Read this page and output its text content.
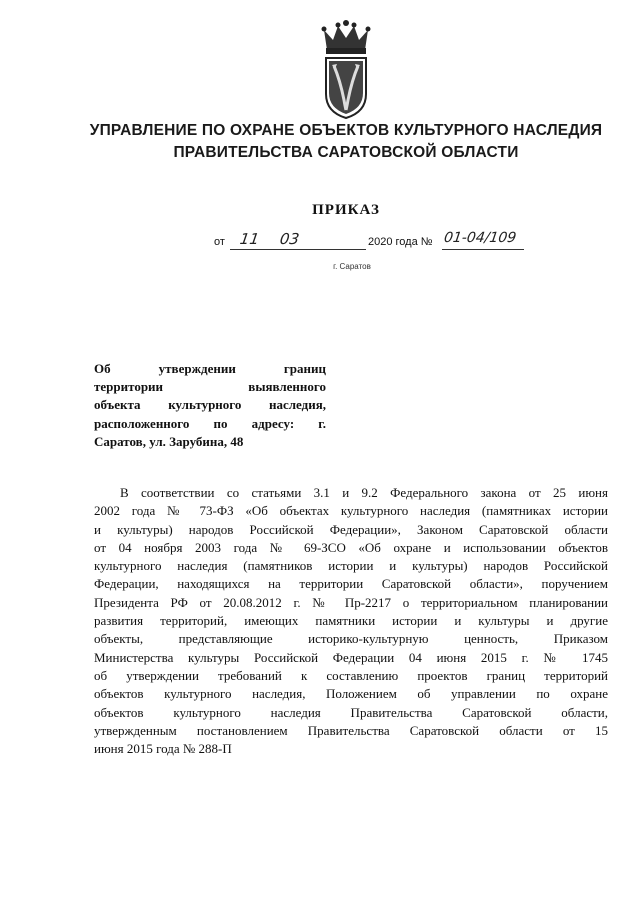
УПРАВЛЕНИЕ ПО ОХРАНЕ ОБЪЕКТОВ КУЛЬТУРНОГО НАСЛЕДИЯ
ПРАВИТЕЛЬСТВА САРАТОВСКОЙ ОБЛАСТИ
ПРИКАЗ
от 11 03	2020 года № 01-04/109
г. Саратов
Об утверждении границ
территории выявленного
объекта культурного наследия,
расположенного по адресу: г.
Саратов, ул. Зарубина, 48
В соответствии со статьями 3.1 и 9.2 Федерального закона от 25 июня
2002 года № 73-ФЗ «Об объектах культурного наследия (памятниках истории
и культуры) народов Российской Федерации», Законом Саратовской области
от 04 ноября 2003 года № 69-ЗСО «Об охране и использовании объектов
культурного наследия (памятников истории и культуры) народов Российской
Федерации, находящихся на территории Саратовской области», поручением
Президента РФ от 20.08.2012 г. № Пр-2217 о территориальном планировании
развития территорий, имеющих памятники истории и культуры и другие
объекты, представляющие историко-культурную ценность, Приказом
Министерства культуры Российской Федерации 04 июня 2015 г. № 1745
об утверждении требований к составлению проектов границ территорий
объектов культурного наследия, Положением об управлении по охране
объектов культурного наследия Правительства Саратовской области,
утвержденным постановлением Правительства Саратовской области от 15
июня 2015 года № 288-П
